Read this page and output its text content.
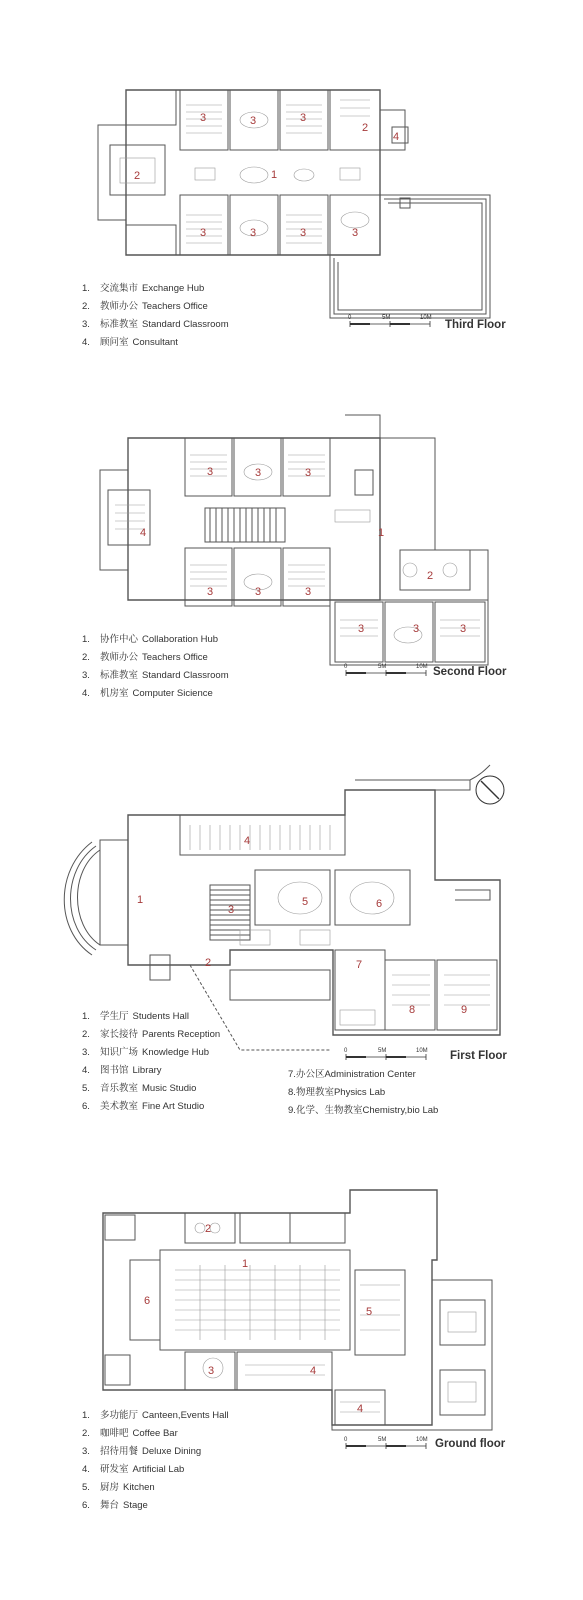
1
2
2
3	3	3
3	3	3	3
4
0	5M	10M
1. 交流集市 Exchange Hub
2. 教师办公 Teachers Office
3. 标准教室 Standard Classroom
4. 顾问室 Consultant
Third Floor
1
2
3	3	3
3	3	3
3	3	3
4
0	5M	10M
1. 协作中心 Collaboration Hub
2. 教师办公 Teachers Office
3. 标准教室 Standard Classroom
4. 机房室 Computer Sicience
Second Floor
1
2
3
4
5	6
7
8	9
0	5M	10M
1. 学生厅 Students Hall
2. 家长接待 Parents Reception
3. 知识广场 Knowledge Hub
4. 图书馆 Library
5. 音乐教室 Music Studio
6. 美术教室 Fine Art Studio
7.办公区Administration Center
8.物理教室Physics Lab
9.化学、生物教室Chemistry,bio Lab
First Floor
1
2
3	4
4
5
6
0	5M	10M
1. 多功能厅 Canteen,Events Hall
2. 咖啡吧 Coffee Bar
3. 招待用餐 Deluxe Dining
4. 研发室 Artificial Lab
5. 厨房 Kitchen
6. 舞台 Stage
Ground floor
